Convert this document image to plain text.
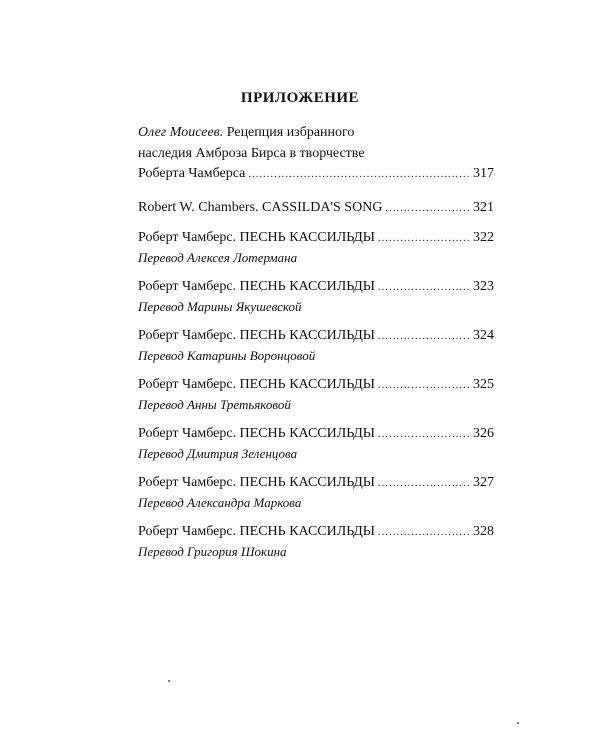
ПРИЛОЖЕНИЕ
Олег Моисеев. Рецепция избранного
наследия Амброза Бирса в творчестве
Роберта Чамберса .....	317
Robert W. Chambers. CASSILDA'S SONG .....	321
Роберт Чамберс. ПЕСНЬ КАССИЛЬДЫ .....	322
Перевод Алексея Лотермана
Роберт Чамберс. ПЕСНЬ КАССИЛЬДЫ .....	323
Перевод Марины Якушевской
Роберт Чамберс. ПЕСНЬ КАССИЛЬДЫ .....	324
Перевод Катарины Воронцовой
Роберт Чамберс. ПЕСНЬ КАССИЛЬДЫ .....	325
Перевод Анны Третьяковой
Роберт Чамберс. ПЕСНЬ КАССИЛЬДЫ .....	326
Перевод Дмитрия Зеленцова
Роберт Чамберс. ПЕСНЬ КАССИЛЬДЫ .....	327
Перевод Александра Маркова
Роберт Чамберс. ПЕСНЬ КАССИЛЬДЫ .....	328
Перевод Григория Шокина
